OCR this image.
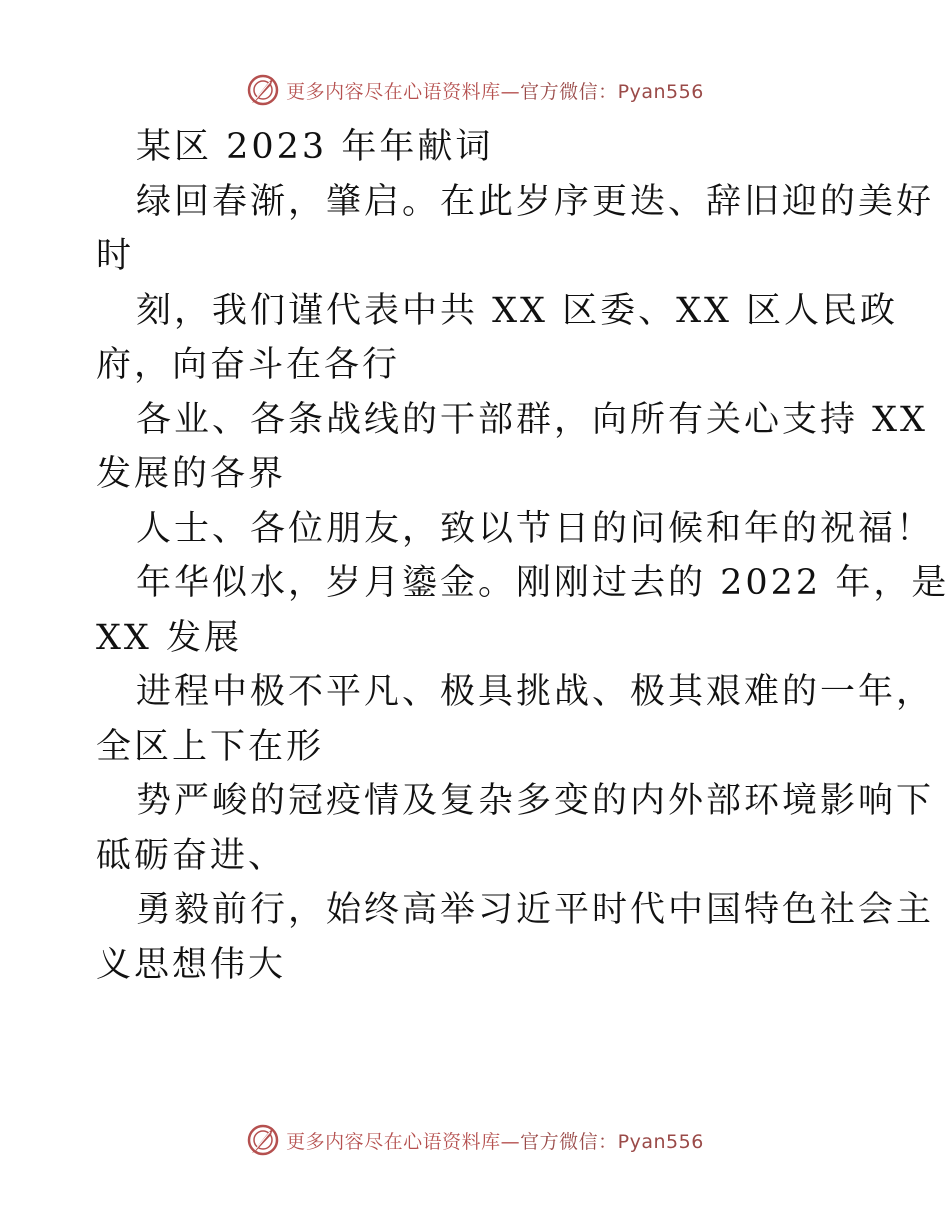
更多内容尽在心语资料库—官方微信：Pyan556
某区 2023 年年献词
绿回春渐，肇启。在此岁序更迭、辞旧迎的美好
时
刻，我们谨代表中共 XX 区委、XX 区人民政
府，向奋斗在各行
各业、各条战线的干部群，向所有关心支持 XX
发展的各界
人士、各位朋友，致以节日的问候和年的祝福！
年华似水，岁月鎏金。刚刚过去的 2022 年，是
XX 发展
进程中极不平凡、极具挑战、极其艰难的一年，
全区上下在形
势严峻的冠疫情及复杂多变的内外部环境影响下
砥砺奋进、
勇毅前行，始终高举习近平时代中国特色社会主
义思想伟大
更多内容尽在心语资料库—官方微信：Pyan556
